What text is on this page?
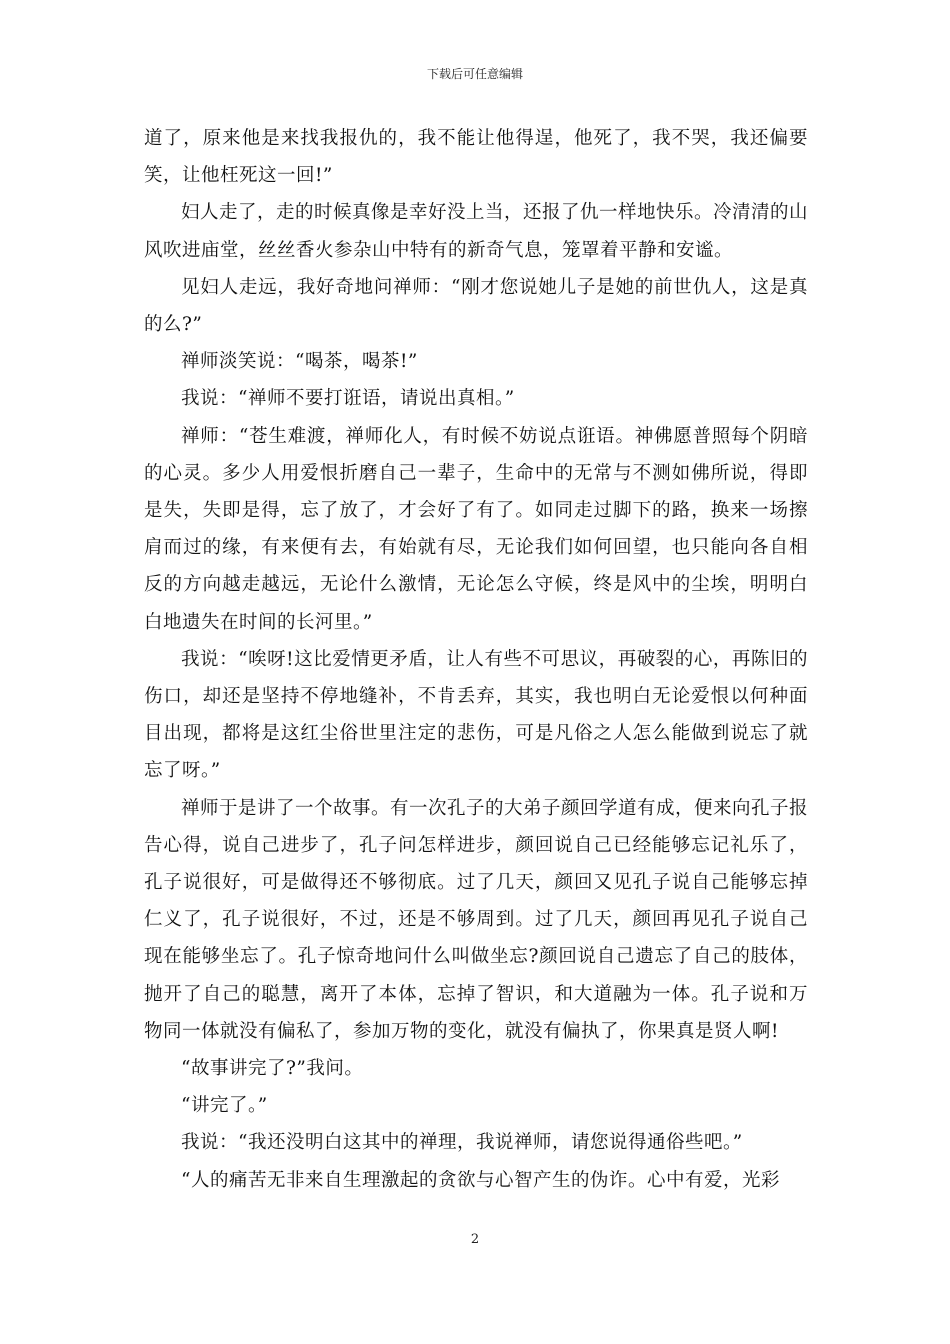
下载后可任意编辑

道了，原来他是来找我报仇的，我不能让他得逞，他死了，我不哭，我还偏要笑，让他枉死这一回!”

妇人走了，走的时候真像是幸好没上当，还报了仇一样地快乐。冷清清的山风吹进庙堂，丝丝香火参杂山中特有的新奇气息，笼罩着平静和安谧。

见妇人走远，我好奇地问禅师：“刚才您说她儿子是她的前世仇人，这是真的么?”

禅师淡笑说：“喝茶，喝茶!”

我说：“禅师不要打诳语，请说出真相。”

禅师：“苍生难渡，禅师化人，有时候不妨说点诳语。神佛愿普照每个阴暗的心灵。多少人用爱恨折磨自己一辈子，生命中的无常与不测如佛所说，得即是失，失即是得，忘了放了，才会好了有了。如同走过脚下的路，换来一场擦肩而过的缘，有来便有去，有始就有尽，无论我们如何回望，也只能向各自相反的方向越走越远，无论什么激情，无论怎么守候，终是风中的尘埃，明明白白地遗失在时间的长河里。”

我说：“唉呀!这比爱情更矛盾，让人有些不可思议，再破裂的心，再陈旧的伤口，却还是坚持不停地缝补，不肯丢弃，其实，我也明白无论爱恨以何种面目出现，都将是这红尘俗世里注定的悲伤，可是凡俗之人怎么能做到说忘了就忘了呀。”

禅师于是讲了一个故事。有一次孔子的大弟子颜回学道有成，便来向孔子报告心得，说自己进步了，孔子问怎样进步，颜回说自己已经能够忘记礼乐了，孔子说很好，可是做得还不够彻底。过了几天，颜回又见孔子说自己能够忘掉仁义了，孔子说很好，不过，还是不够周到。过了几天，颜回再见孔子说自己现在能够坐忘了。孔子惊奇地问什么叫做坐忘?颜回说自己遗忘了自己的肢体，抛开了自己的聪慧，离开了本体，忘掉了智识，和大道融为一体。孔子说和万物同一体就没有偏私了，参加万物的变化，就没有偏执了，你果真是贤人啊!

“故事讲完了?”我问。

“讲完了。”

我说：“我还没明白这其中的禅理，我说禅师，请您说得通俗些吧。”

“人的痛苦无非来自生理激起的贪欲与心智产生的伪诈。心中有爱，光彩

2
